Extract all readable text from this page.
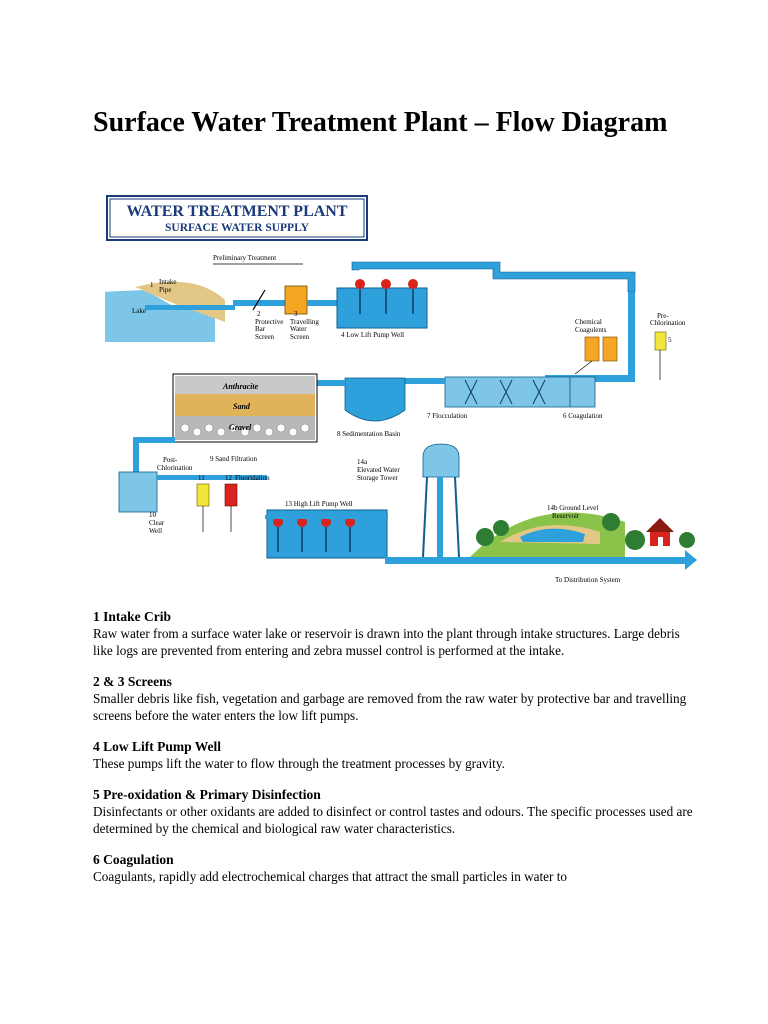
Surface Water Treatment Plant – Flow Diagram
WATER TREATMENT PLANT
SURFACE WATER SUPPLY
Preliminary Treatment
1 Intake
Pipe
Lake	2
Protective
Bar
Screen
3
Travelling
Water
Screen	4 Low Lift Pump Well
Chemical
Coagulents
Pre-
Chlorination
5
7 Flocculation	6 Coagulation
8 Sedimentation Basin
Anthracite
Sand
Gravel
9 Sand Filtration
10
Clear
Well
Post-
Chlorination
11	12 Fluoridation
13 High Lift Pump Well
14a
Elevated Water
Storage Tower
14b Ground Level
Reservoir
To Distribution System
1 Intake Crib

Raw water from a surface water lake or reservoir is drawn into the plant through intake structures. Large debris like logs are prevented from entering and zebra mussel control is performed at the intake.

2 & 3 Screens

Smaller debris like fish, vegetation and garbage are removed from the raw water by protective bar and travelling screens before the water enters the low lift pumps.

4 Low Lift Pump Well

These pumps lift the water to flow through the treatment processes by gravity.

5 Pre-oxidation & Primary Disinfection

Disinfectants or other oxidants are added to disinfect or control tastes and odours. The specific processes used are determined by the chemical and biological raw water characteristics.

6 Coagulation

Coagulants, rapidly add electrochemical charges that attract the small particles in water to
